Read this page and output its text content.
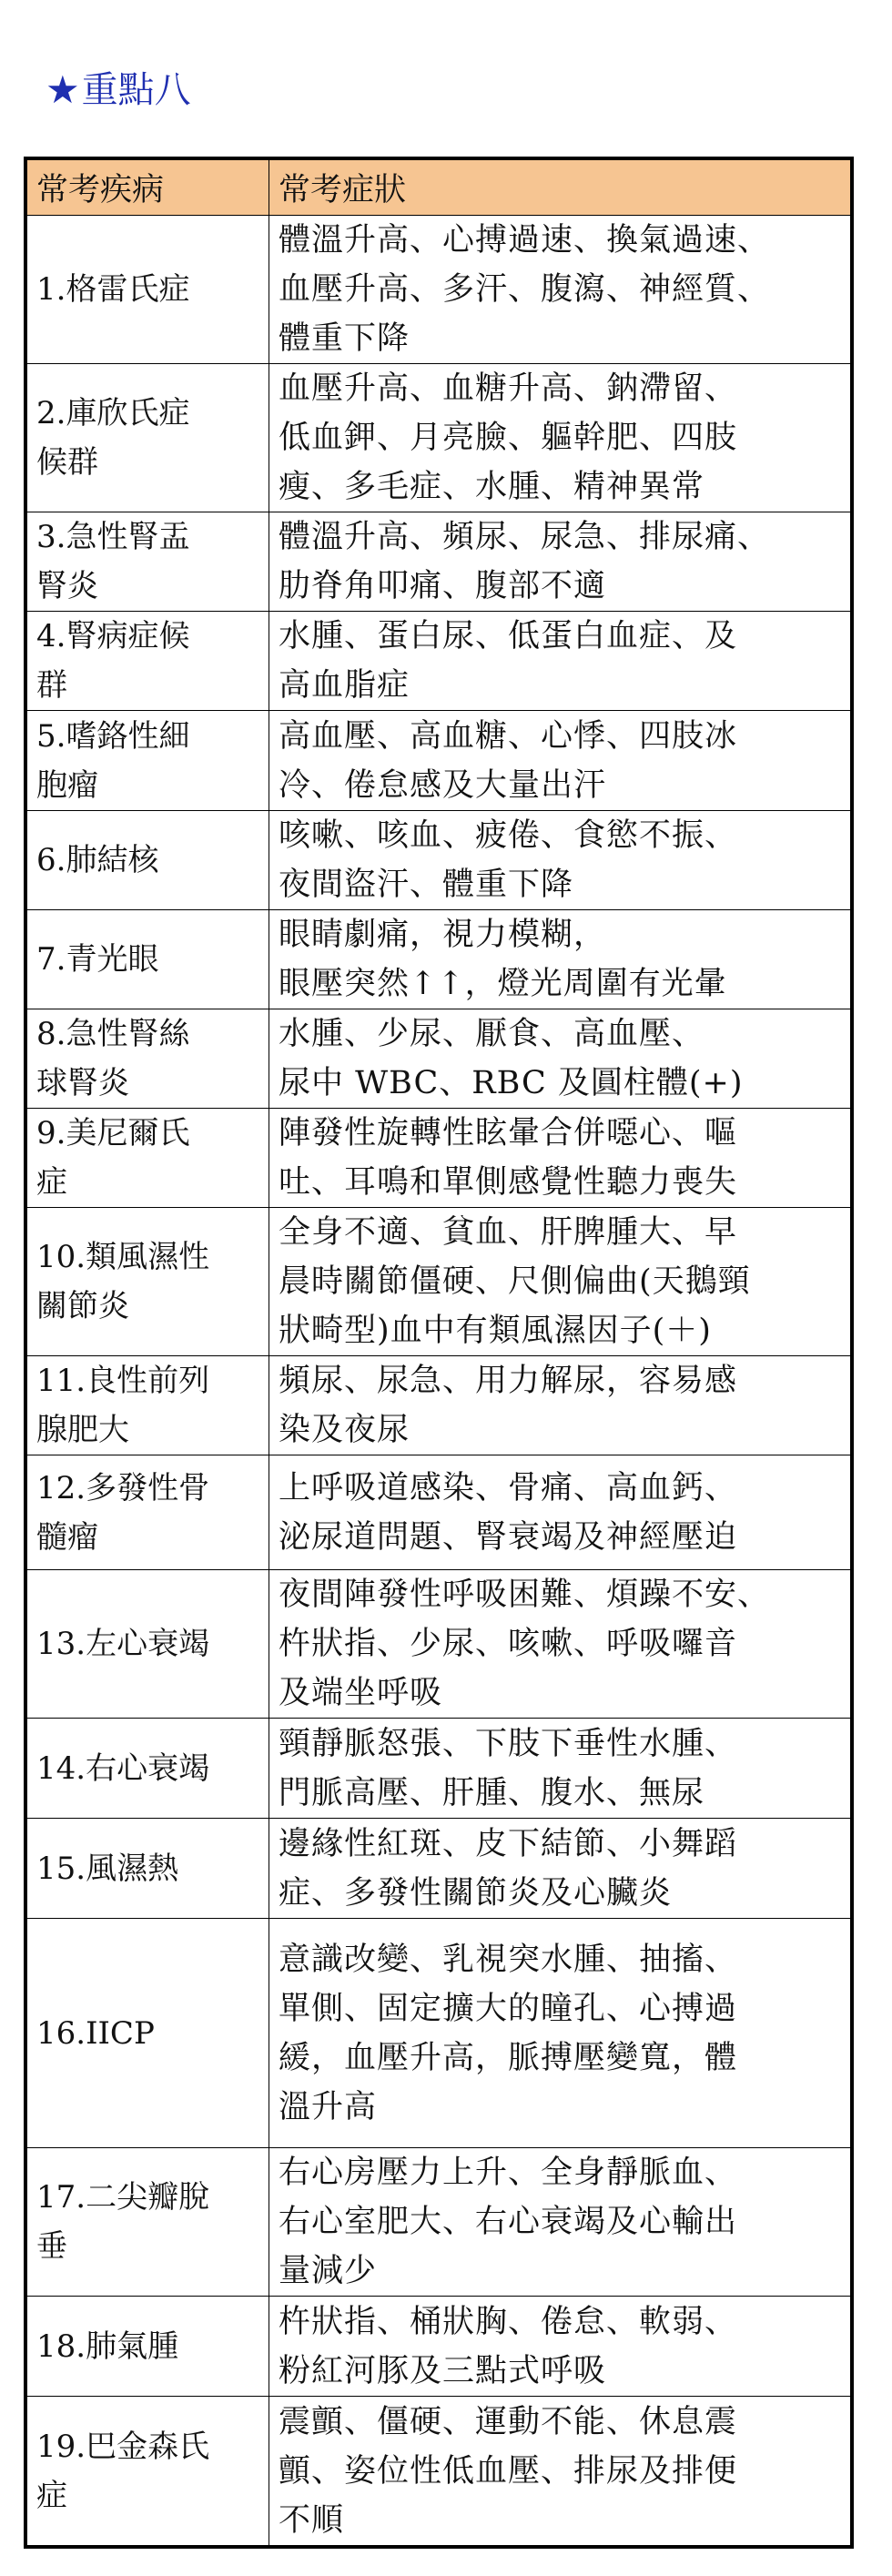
★ 重點八
常考疾病	常考症狀

1.格雷氏症	體溫升高、心搏過速、換氣過速、
血壓升高、多汗、腹瀉、神經質、
體重下降

2.庫欣氏症
候群	血壓升高、血糖升高、鈉滯留、
低血鉀、月亮臉、軀幹肥、四肢
瘦、多毛症、水腫、精神異常

3.急性腎盂
腎炎	體溫升高、頻尿、尿急、排尿痛、
肋脊角叩痛、腹部不適

4.腎病症候
群	水腫、蛋白尿、低蛋白血症、及
高血脂症

5.嗜鉻性細
胞瘤	高血壓、高血糖、心悸、四肢冰
冷、倦怠感及大量出汗

6.肺結核	咳嗽、咳血、疲倦、食慾不振、
夜間盜汗、體重下降

7.青光眼	眼睛劇痛，視力模糊，
眼壓突然↑↑，燈光周圍有光暈

8.急性腎絲
球腎炎	水腫、少尿、厭食、高血壓、
尿中 WBC、RBC 及圓柱體(+)

9.美尼爾氏
症	陣發性旋轉性眩暈合併噁心、嘔
吐、耳鳴和單側感覺性聽力喪失

10.類風濕性
關節炎	全身不適、貧血、肝脾腫大、早
晨時關節僵硬、尺側偏曲(天鵝頸
狀畸型)血中有類風濕因子(＋)

11.良性前列
腺肥大	頻尿、尿急、用力解尿，容易感
染及夜尿

12.多發性骨
髓瘤	上呼吸道感染、骨痛、高血鈣、
泌尿道問題、腎衰竭及神經壓迫

13.左心衰竭	夜間陣發性呼吸困難、煩躁不安、
杵狀指、少尿、咳嗽、呼吸囉音
及端坐呼吸

14.右心衰竭	頸靜脈怒張、下肢下垂性水腫、
門脈高壓、肝腫、腹水、無尿

15.風濕熱	邊緣性紅斑、皮下結節、小舞蹈
症、多發性關節炎及心臟炎

16.IICP	意識改變、乳視突水腫、抽搐、
單側、固定擴大的瞳孔、心搏過
緩，血壓升高，脈搏壓變寬，體
溫升高

17.二尖瓣脫
垂	右心房壓力上升、全身靜脈血、
右心室肥大、右心衰竭及心輸出
量減少

18.肺氣腫	杵狀指、桶狀胸、倦怠、軟弱、
粉紅河豚及三點式呼吸

19.巴金森氏
症	震顫、僵硬、運動不能、休息震
顫、姿位性低血壓、排尿及排便
不順
